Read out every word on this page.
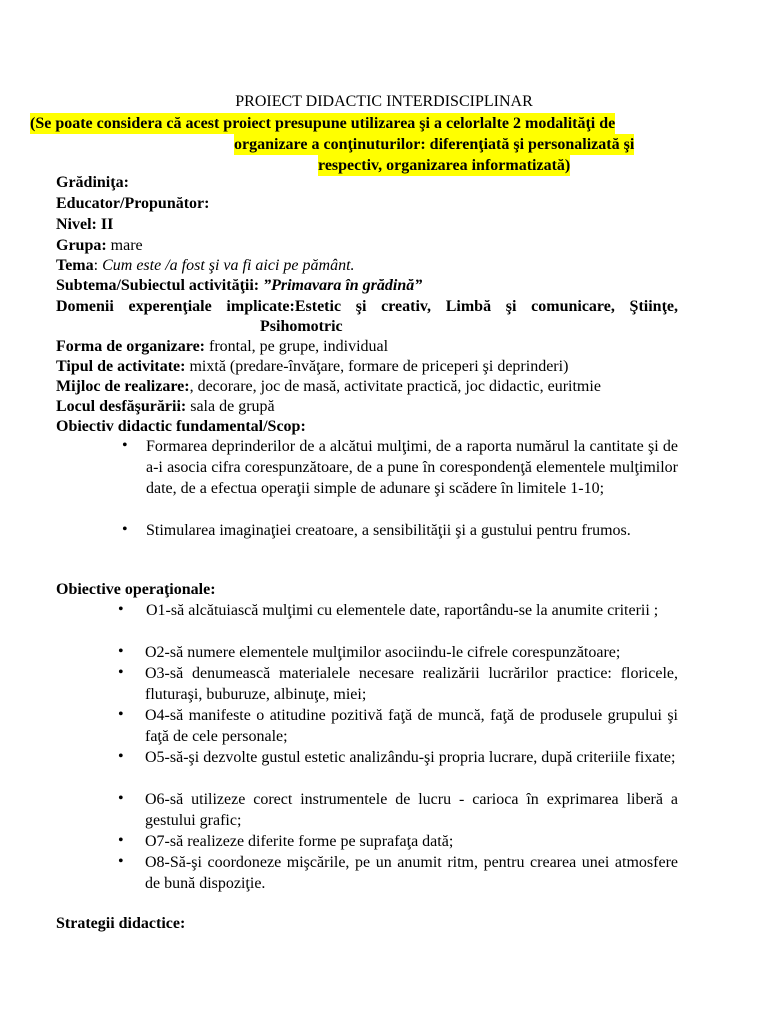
PROIECT DIDACTIC INTERDISCIPLINAR
(Se poate considera că acest proiect presupune utilizarea şi a celorlalte 2 modalităţi de
organizare a conţinuturilor: diferenţiată şi personalizată şi
respectiv, organizarea informatizată)
Grădiniţa:
Educator/Propunător:
Nivel: II
Grupa: mare
Tema: Cum este /a fost şi va fi aici pe pământ.
Subtema/Subiectul activităţii: ”Primavara în grădină”
Domenii experenţiale implicate:Estetic şi creativ, Limbă şi comunicare, Ştiinţe,
Psihomotric
Forma de organizare: frontal, pe grupe, individual
Tipul de activitate: mixtă (predare-învăţare, formare de priceperi şi deprinderi)
Mijloc de realizare:, decorare, joc de masă, activitate practică, joc didactic, euritmie
Locul desfăşurării: sala de grupă
Obiectiv didactic fundamental/Scop:
• Formarea deprinderilor de a alcătui mulţimi, de a raporta numărul la cantitate şi de a-i asocia cifra corespunzătoare, de a pune în corespondenţă elementele mulţimilor date, de a efectua operaţii simple de adunare şi scădere în limitele 1-10;
• Stimularea imaginaţiei creatoare, a sensibilităţii şi a gustului pentru frumos.
Obiective operaţionale:
•	O1-să alcătuiască mulţimi cu elementele date, raportându-se la anumite criterii ;
• O2-să numere elementele mulţimilor asociindu-le cifrele corespunzătoare;
• O3-să denumească materialele necesare realizării lucrărilor practice: floricele, fluturaşi, buburuze, albinuţe, miei;
• O4-să manifeste o atitudine pozitivă faţă de muncă, faţă de produsele grupului şi faţă de cele personale;
• O5-să-şi dezvolte gustul estetic analizându-şi propria lucrare, după criteriile fixate;
• O6-să utilizeze corect instrumentele de lucru - carioca în exprimarea liberă a gestului grafic;
• O7-să realizeze diferite forme pe suprafaţa dată;
• O8-Să-şi coordoneze mişcările, pe un anumit ritm, pentru crearea unei atmosfere de bună dispoziţie.
Strategii didactice:
